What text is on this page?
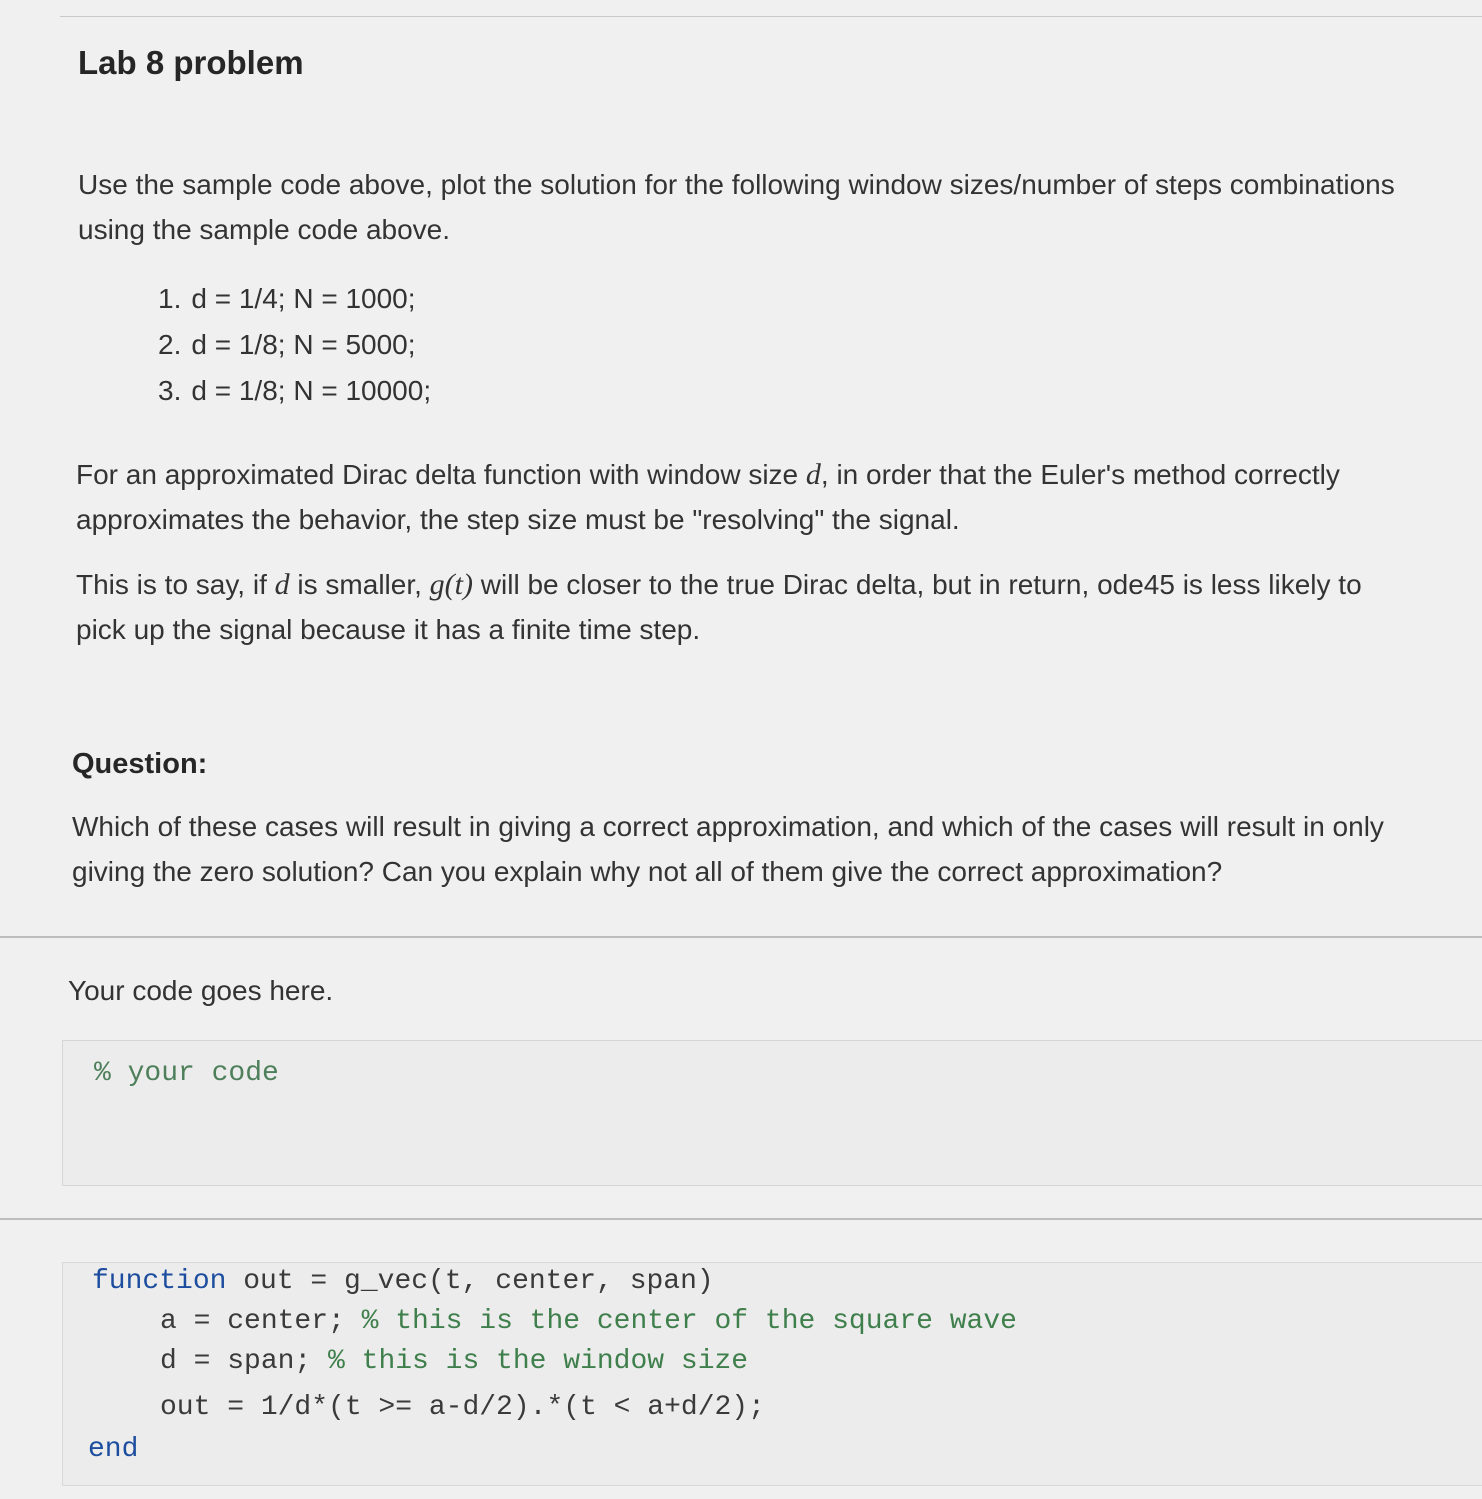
Lab 8 problem
Use the sample code above, plot the solution for the following window sizes/number of steps combinations using the sample code above.
1. d = 1/4; N = 1000;
2. d = 1/8; N = 5000;
3. d = 1/8; N = 10000;
For an approximated Dirac delta function with window size d, in order that the Euler's method correctly approximates the behavior, the step size must be "resolving" the signal.
This is to say, if d is smaller, g(t) will be closer to the true Dirac delta, but in return, ode45 is less likely to pick up the signal because it has a finite time step.
Question:
Which of these cases will result in giving a correct approximation, and which of the cases will result in only giving the zero solution? Can you explain why not all of them give the correct approximation?
Your code goes here.
% your code
function out = g_vec(t, center, span)
a = center; % this is the center of the square wave
d = span; % this is the window size
out = 1/d*(t >= a-d/2).*(t < a+d/2);
end
